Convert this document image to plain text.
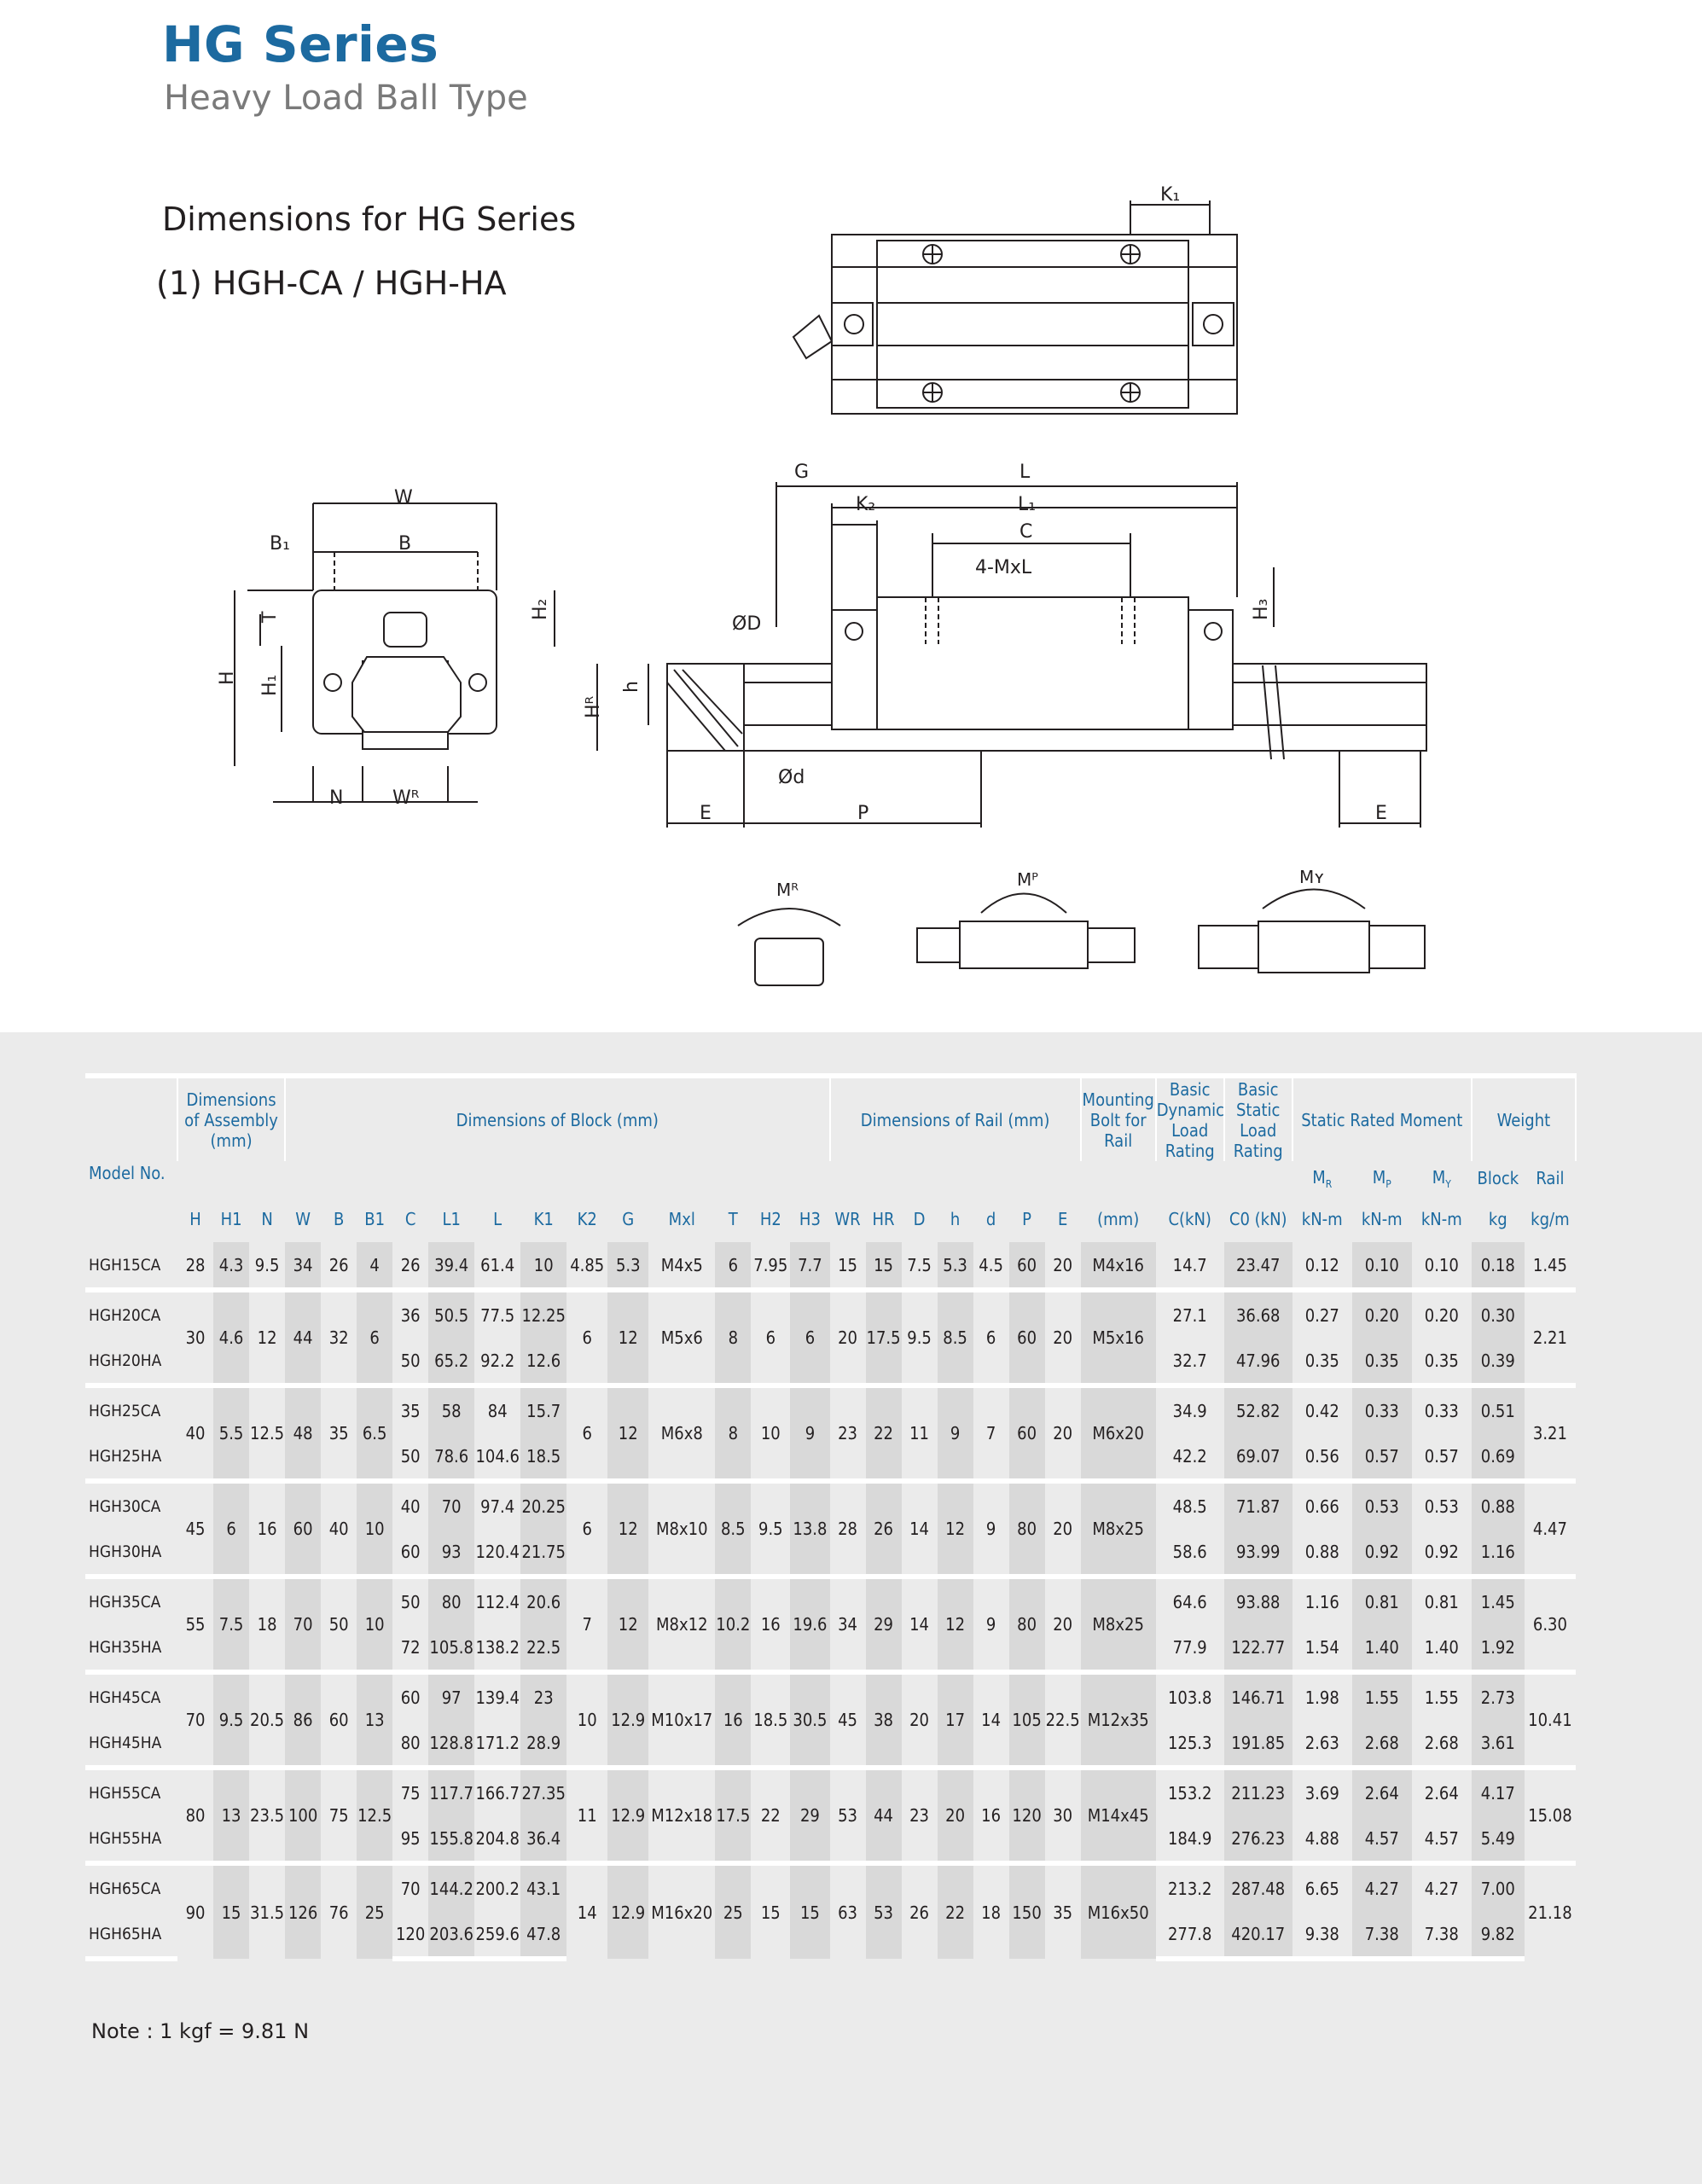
HG Series
Heavy Load Ball Type
Dimensions for HG Series
(1) HGH-CA / HGH-HA
K₁
W
B₁	B
T	H₂
H H₁
N	Wᴿ
G	L
K₂	L₁
C
4-MxL
ØD
H₃
Hᴿ
h
Ød
E	P	E
Mᴿ	Mᴾ	Mʏ
Model No.	Dimensions of Assembly (mm)			Dimensions of Block (mm)													Dimensions of Rail (mm)							Mounting Bolt for Rail	Basic Dynamic Load Rating	Basic Static Load Rating	Static Rated Moment			Weight	
																											$M_R$	$M_P$	$M_Y$	Block	Rail
	H	H1	N	W	B	B1	C	L1	L	K1	K2	G	Mxl	T	H2	H3	WR	HR	D	h	d	P	E	(mm)	C(kN)	C0 (kN)	kN-m	kN-m	kN-m	kg	kg/m
HGH15CA	28	4.3	9.5	34	26	4	26	39.4	61.4	10	4.85	5.3	M4x5	6	7.95	7.7	15	15	7.5	5.3	4.5	60	20	M4x16	14.7	23.47	0.12	0.10	0.10	0.18	1.45
HGH20CA	30	4.6	12	44	32	6	36	50.5	77.5	12.25	6	12	M5x6	8	6	6	20	17.5	9.5	8.5	6	60	20	M5x16	27.1	36.68	0.27	0.20	0.20	0.30	2.21
HGH20HA							50	65.2	92.2	12.6															32.7	47.96	0.35	0.35	0.35	0.39	
HGH25CA	40	5.5	12.5	48	35	6.5	35	58	84	15.7	6	12	M6x8	8	10	9	23	22	11	9	7	60	20	M6x20	34.9	52.82	0.42	0.33	0.33	0.51	3.21
HGH25HA							50	78.6	104.6	18.5															42.2	69.07	0.56	0.57	0.57	0.69	
HGH30CA	45	6	16	60	40	10	40	70	97.4	20.25	6	12	M8x10	8.5	9.5	13.8	28	26	14	12	9	80	20	M8x25	48.5	71.87	0.66	0.53	0.53	0.88	4.47
HGH30HA							60	93	120.4	21.75															58.6	93.99	0.88	0.92	0.92	1.16	
HGH35CA	55	7.5	18	70	50	10	50	80	112.4	20.6	7	12	M8x12	10.2	16	19.6	34	29	14	12	9	80	20	M8x25	64.6	93.88	1.16	0.81	0.81	1.45	6.30
HGH35HA							72	105.8	138.2	22.5															77.9	122.77	1.54	1.40	1.40	1.92	
HGH45CA	70	9.5	20.5	86	60	13	60	97	139.4	23	10	12.9	M10x17	16	18.5	30.5	45	38	20	17	14	105	22.5	M12x35	103.8	146.71	1.98	1.55	1.55	2.73	10.41
HGH45HA							80	128.8	171.2	28.9															125.3	191.85	2.63	2.68	2.68	3.61	
HGH55CA	80	13	23.5	100	75	12.5	75	117.7	166.7	27.35	11	12.9	M12x18	17.5	22	29	53	44	23	20	16	120	30	M14x45	153.2	211.23	3.69	2.64	2.64	4.17	15.08
HGH55HA							95	155.8	204.8	36.4															184.9	276.23	4.88	4.57	4.57	5.49	
HGH65CA	90	15	31.5	126	76	25	70	144.2	200.2	43.1	14	12.9	M16x20	25	15	15	63	53	26	22	18	150	35	M16x50	213.2	287.48	6.65	4.27	4.27	7.00	21.18
HGH65HA							120	203.6	259.6	47.8															277.8	420.17	9.38	7.38	7.38	9.82	
Note : 1 kgf = 9.81 N
